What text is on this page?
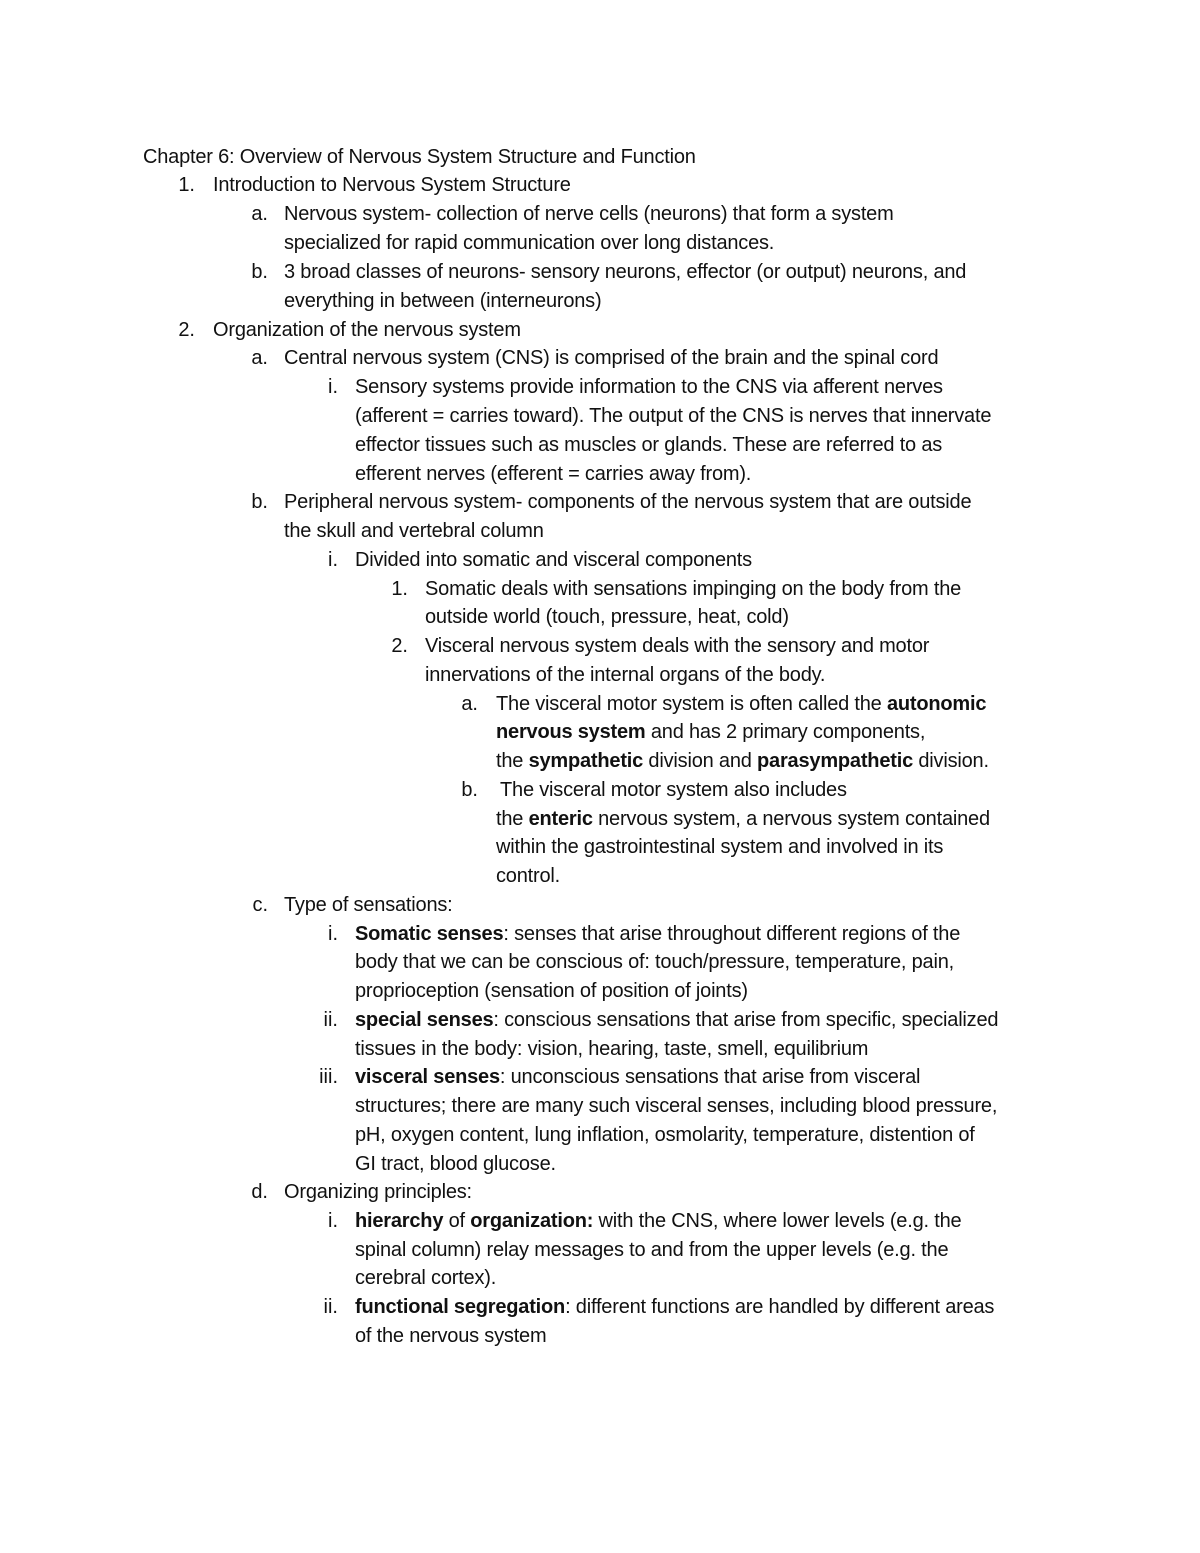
Chapter 6: Overview of Nervous System Structure and Function
1. Introduction to Nervous System Structure
a. Nervous system- collection of nerve cells (neurons) that form a system
specialized for rapid communication over long distances.
b. 3 broad classes of neurons- sensory neurons, effector (or output) neurons, and
everything in between (interneurons)
2. Organization of the nervous system
a. Central nervous system (CNS) is comprised of the brain and the spinal cord
i. Sensory systems provide information to the CNS via afferent nerves
(afferent = carries toward). The output of the CNS is nerves that innervate
effector tissues such as muscles or glands. These are referred to as
efferent nerves (efferent = carries away from).
b. Peripheral nervous system- components of the nervous system that are outside
the skull and vertebral column
i. Divided into somatic and visceral components
1. Somatic deals with sensations impinging on the body from the
outside world (touch, pressure, heat, cold)
2. Visceral nervous system deals with the sensory and motor
innervations of the internal organs of the body.
a. The visceral motor system is often called the autonomic
nervous system and has 2 primary components,
the sympathetic division and parasympathetic division.
b. The visceral motor system also includes
the enteric nervous system, a nervous system contained
within the gastrointestinal system and involved in its
control.
c. Type of sensations:
i. Somatic senses: senses that arise throughout different regions of the
body that we can be conscious of: touch/pressure, temperature, pain,
proprioception (sensation of position of joints)
ii. special senses: conscious sensations that arise from specific, specialized
tissues in the body: vision, hearing, taste, smell, equilibrium
iii. visceral senses: unconscious sensations that arise from visceral
structures; there are many such visceral senses, including blood pressure,
pH, oxygen content, lung inflation, osmolarity, temperature, distention of
GI tract, blood glucose.
d. Organizing principles:
i. hierarchy of organization: with the CNS, where lower levels (e.g. the
spinal column) relay messages to and from the upper levels (e.g. the
cerebral cortex).
ii. functional segregation: different functions are handled by different areas
of the nervous system
